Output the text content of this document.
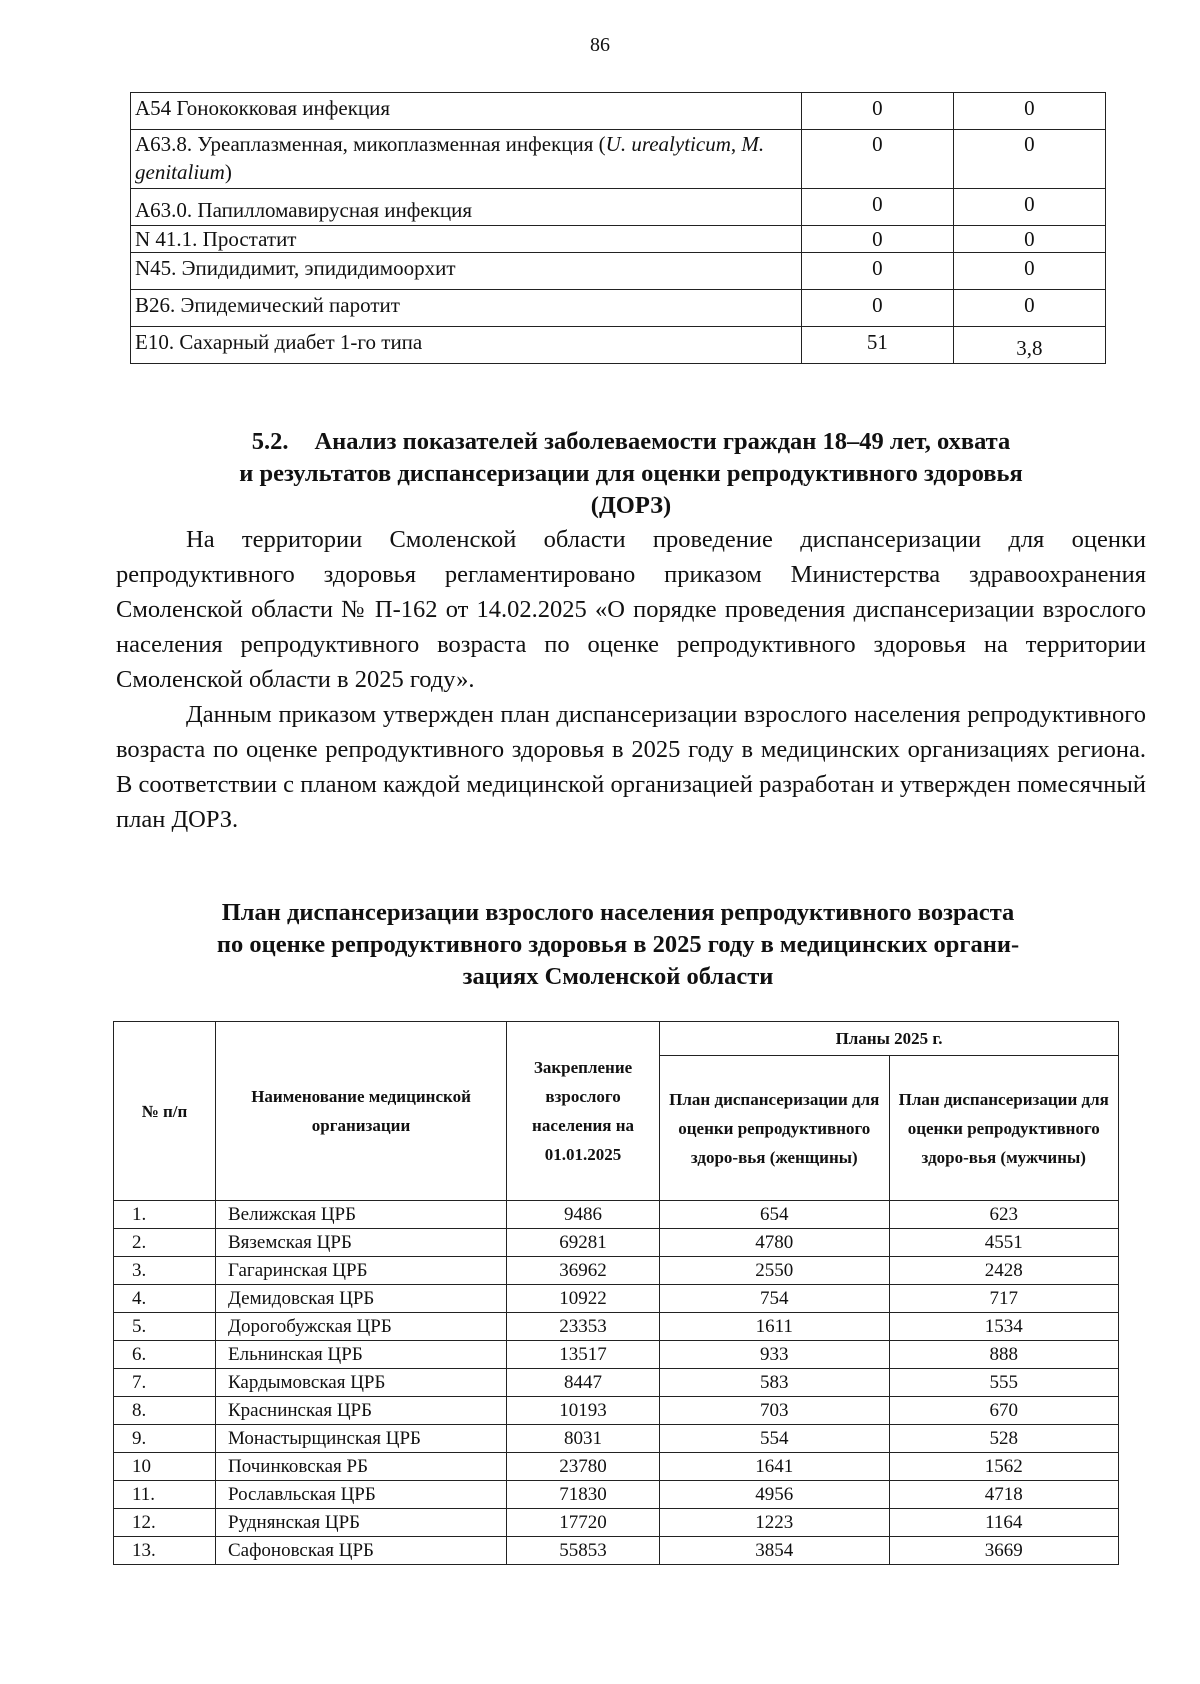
86
А54 Гонококковая инфекция	0	0
А63.8. Уреаплазменная, микоплазменная инфекция (U. urealyticum, M. genitalium)	0	0
А63.0. Папилломавирусная инфекция	0	0
N 41.1. Простатит	0	0
N45. Эпидидимит, эпидидимоорхит	0	0
В26. Эпидемический паротит	0	0
Е10. Сахарный диабет 1-го типа	51	3,8
5.2. Анализ показателей заболеваемости граждан 18–49 лет, охвата
и результатов диспансеризации для оценки репродуктивного здоровья
(ДОРЗ)

На территории Смоленской области проведение диспансеризации для оценки репродуктивного здоровья регламентировано приказом Министерства здравоохранения Смоленской области № П-162 от 14.02.2025 «О порядке проведения диспансеризации взрослого населения репродуктивного возраста по оценке репродуктивного здоровья на территории Смоленской области в 2025 году».

Данным приказом утвержден план диспансеризации взрослого населения репродуктивного возраста по оценке репродуктивного здоровья в 2025 году в медицинских организациях региона. В соответствии с планом каждой медицинской организацией разработан и утвержден помесячный план ДОРЗ.

План диспансеризации взрослого населения репродуктивного возраста
по оценке репродуктивного здоровья в 2025 году в медицинских органи-
зациях Смоленской области
№ п/п	Наименование медицинской организации	Закрепление взрослого населения на 01.01.2025	Планы 2025 г.	
			План диспансеризации для оценки репродуктивного здоро-вья (женщины)	План диспансеризации для оценки репродуктивного здоро-вья (мужчины)
1.	Велижская ЦРБ	9486	654	623
2.	Вяземская ЦРБ	69281	4780	4551
3.	Гагаринская ЦРБ	36962	2550	2428
4.	Демидовская ЦРБ	10922	754	717
5.	Дорогобужская ЦРБ	23353	1611	1534
6.	Ельнинская ЦРБ	13517	933	888
7.	Кардымовская ЦРБ	8447	583	555
8.	Краснинская ЦРБ	10193	703	670
9.	Монастырщинская ЦРБ	8031	554	528
10	Починковская РБ	23780	1641	1562
11.	Рославльская ЦРБ	71830	4956	4718
12.	Руднянская ЦРБ	17720	1223	1164
13.	Сафоновская ЦРБ	55853	3854	3669
